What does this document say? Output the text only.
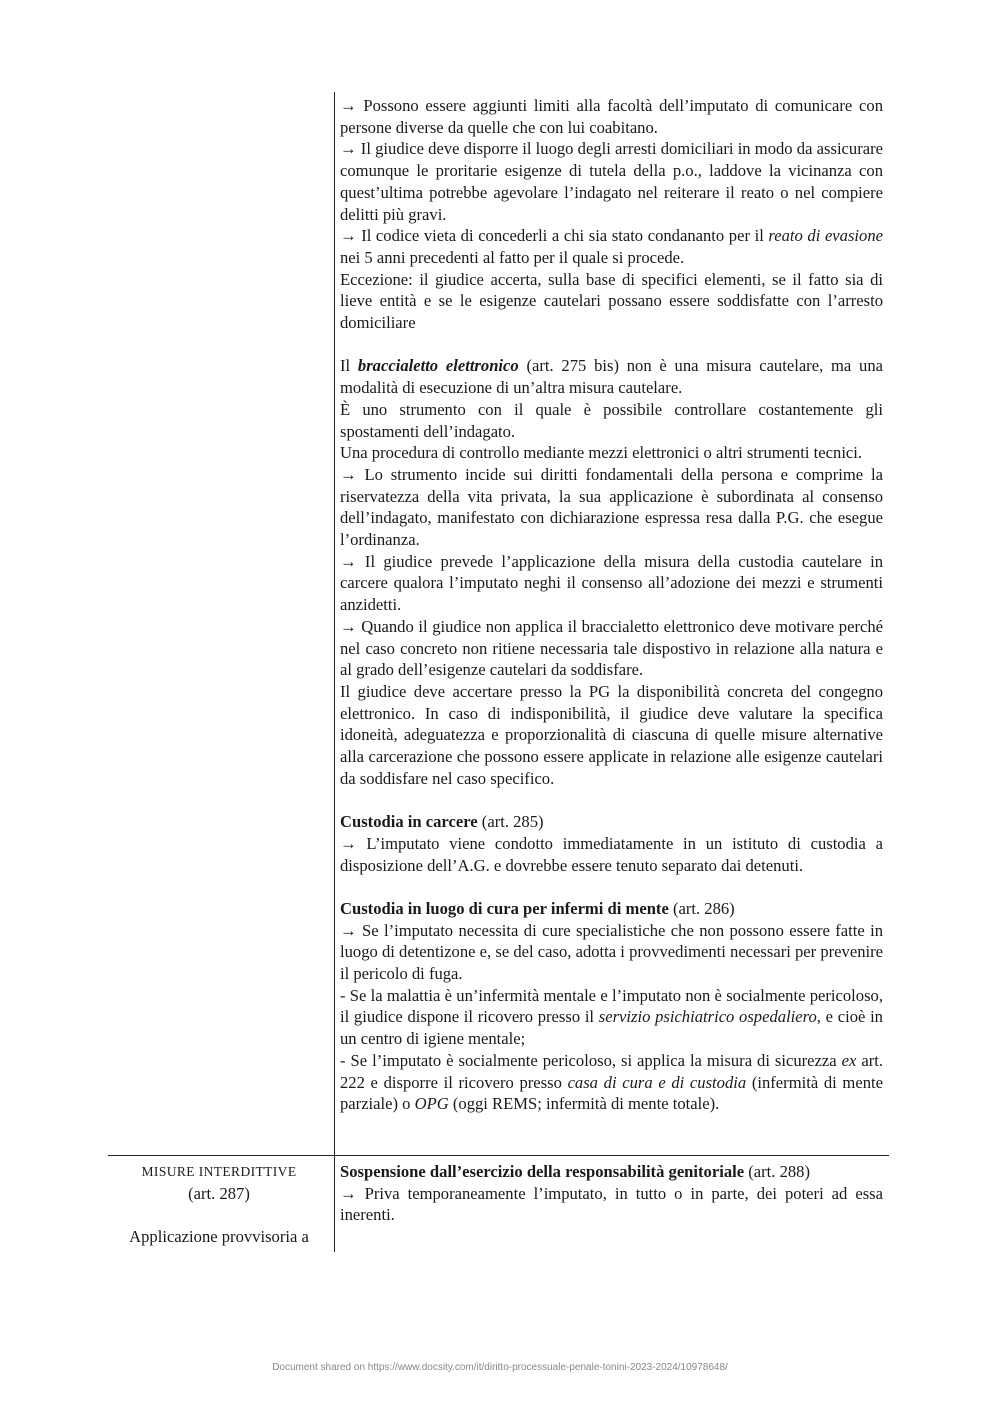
→ Possono essere aggiunti limiti alla facoltà dell’imputato di comunicare con persone diverse da quelle che con lui coabitano.

→ Il giudice deve disporre il luogo degli arresti domiciliari in modo da assicurare comunque le proritarie esigenze di tutela della p.o., laddove la vicinanza con quest’ultima potrebbe agevolare l’indagato nel reiterare il reato o nel compiere delitti più gravi.

→ Il codice vieta di concederli a chi sia stato condananto per il reato di evasione nei 5 anni precedenti al fatto per il quale si procede.

Eccezione: il giudice accerta, sulla base di specifici elementi, se il fatto sia di lieve entità e se le esigenze cautelari possano essere soddisfatte con l’arresto domiciliare

Il braccialetto elettronico (art. 275 bis) non è una misura cautelare, ma una modalità di esecuzione di un’altra misura cautelare.

È uno strumento con il quale è possibile controllare costantemente gli spostamenti dell’indagato.

Una procedura di controllo mediante mezzi elettronici o altri strumenti tecnici.

→ Lo strumento incide sui diritti fondamentali della persona e comprime la riservatezza della vita privata, la sua applicazione è subordinata al consenso dell’indagato, manifestato con dichiarazione espressa resa dalla P.G. che esegue l’ordinanza.

→ Il giudice prevede l’applicazione della misura della custodia cautelare in carcere qualora l’imputato neghi il consenso all’adozione dei mezzi e strumenti anzidetti.

→ Quando il giudice non applica il braccialetto elettronico deve motivare perché nel caso concreto non ritiene necessaria tale dispostivo in relazione alla natura e al grado dell’esigenze cautelari da soddisfare.

Il giudice deve accertare presso la PG la disponibilità concreta del congegno elettronico. In caso di indisponibilità, il giudice deve valutare la specifica idoneità, adeguatezza e proporzionalità di ciascuna di quelle misure alternative alla carcerazione che possono essere applicate in relazione alle esigenze cautelari da soddisfare nel caso specifico.

Custodia in carcere (art. 285)

→ L’imputato viene condotto immediatamente in un istituto di custodia a disposizione dell’A.G. e dovrebbe essere tenuto separato dai detenuti.

Custodia in luogo di cura per infermi di mente (art. 286)

→ Se l’imputato necessita di cure specialistiche che non possono essere fatte in luogo di detentizone e, se del caso, adotta i provvedimenti necessari per prevenire il pericolo di fuga.

- Se la malattia è un’infermità mentale e l’imputato non è socialmente pericoloso, il giudice dispone il ricovero presso il servizio psichiatrico ospedaliero, e cioè in un centro di igiene mentale;

- Se l’imputato è socialmente pericoloso, si applica la misura di sicurezza ex art. 222 e disporre il ricovero presso casa di cura e di custodia (infermità di mente parziale) o OPG (oggi REMS; infermità di mente totale).

MISURE INTERDITTIVE

(art. 287)

Applicazione provvisoria a

Sospensione dall’esercizio della responsabilità genitoriale (art. 288)

→ Priva temporaneamente l’imputato, in tutto o in parte, dei poteri ad essa inerenti.

Document shared on https://www.docsity.com/it/diritto-processuale-penale-tonini-2023-2024/10978648/
